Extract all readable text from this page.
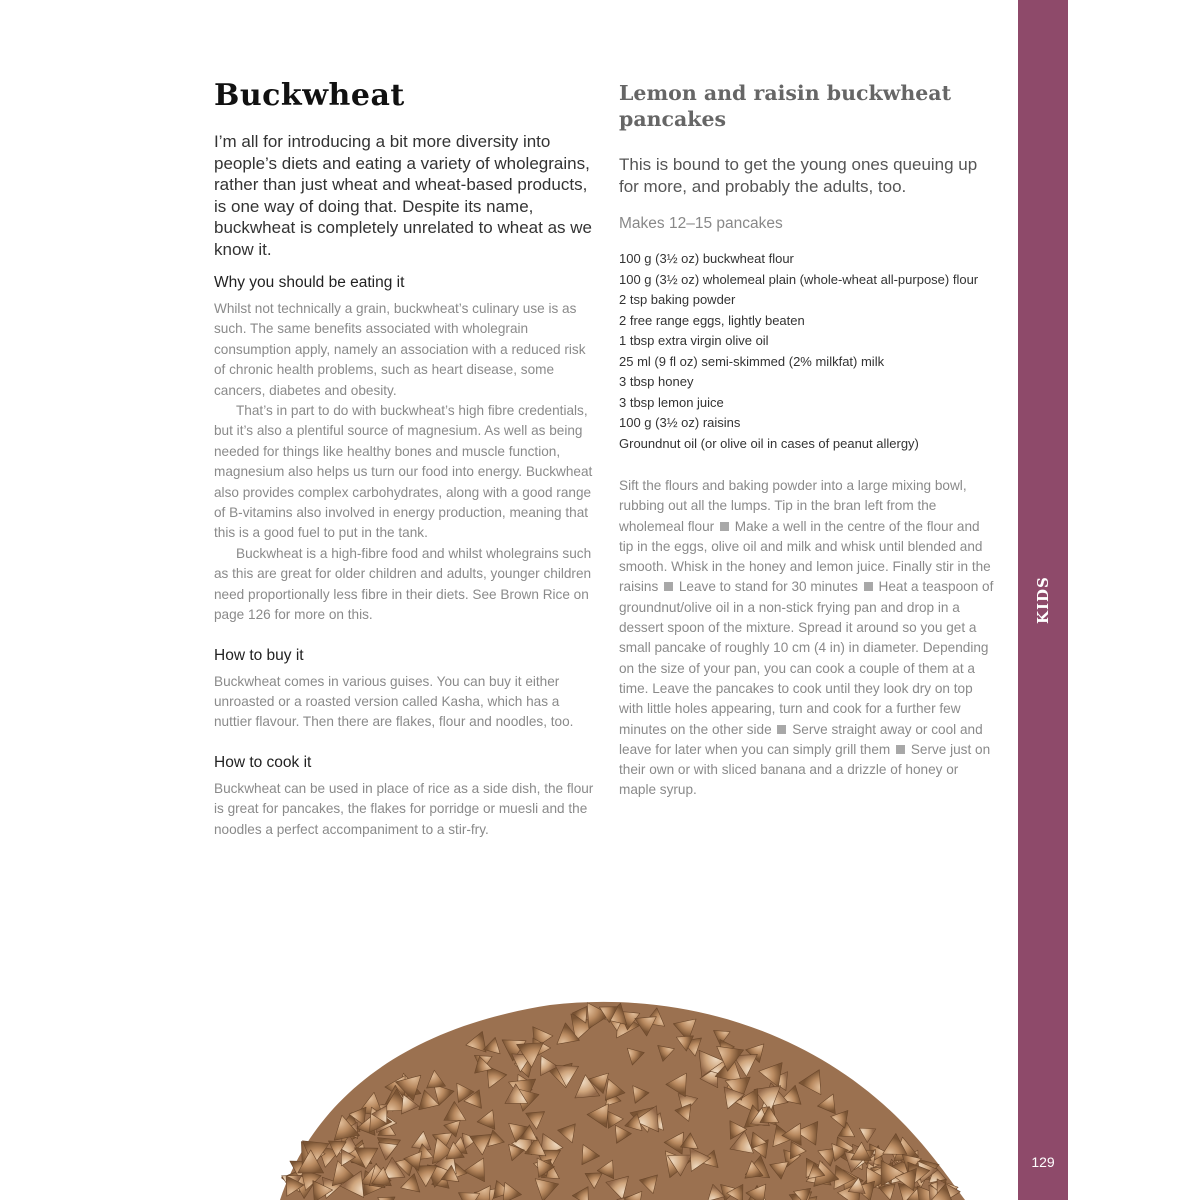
KIDS
129
Buckwheat

I’m all for introducing a bit more diversity into people’s diets and eating a variety of wholegrains, rather than just wheat and wheat-based products, is one way of doing that. Despite its name, buckwheat is completely unrelated to wheat as we know it.

Why you should be eating it

Whilst not technically a grain, buckwheat’s culinary use is as such. The same benefits associated with wholegrain consumption apply, namely an association with a reduced risk of chronic health problems, such as heart disease, some cancers, diabetes and obesity.

That’s in part to do with buckwheat’s high fibre credentials, but it’s also a plentiful source of magnesium. As well as being needed for things like healthy bones and muscle function, magnesium also helps us turn our food into energy. Buckwheat also provides complex carbohydrates, along with a good range of B-vitamins also involved in energy production, meaning that this is a good fuel to put in the tank.

Buckwheat is a high-fibre food and whilst wholegrains such as this are great for older children and adults, younger children need proportionally less fibre in their diets. See Brown Rice on page 126 for more on this.

How to buy it

Buckwheat comes in various guises. You can buy it either unroasted or a roasted version called Kasha, which has a nuttier flavour. Then there are flakes, flour and noodles, too.

How to cook it

Buckwheat can be used in place of rice as a side dish, the flour is great for pancakes, the flakes for porridge or muesli and the noodles a perfect accompaniment to a stir-fry.

Lemon and raisin buckwheat pancakes

This is bound to get the young ones queuing up for more, and probably the adults, too.

Makes 12–15 pancakes

100 g (3½ oz) buckwheat flour
100 g (3½ oz) wholemeal plain (whole-wheat all-purpose) flour
2 tsp baking powder
2 free range eggs, lightly beaten
1 tbsp extra virgin olive oil
25 ml (9 fl oz) semi-skimmed (2% milkfat) milk
3 tbsp honey
3 tbsp lemon juice
100 g (3½ oz) raisins
Groundnut oil (or olive oil in cases of peanut allergy)

Sift the flours and baking powder into a large mixing bowl, rubbing out all the lumps. Tip in the bran left from the wholemeal flour Make a well in the centre of the flour and tip in the eggs, olive oil and milk and whisk until blended and smooth. Whisk in the honey and lemon juice. Finally stir in the raisins Leave to stand for 30 minutes Heat a teaspoon of groundnut/olive oil in a non-stick frying pan and drop in a dessert spoon of the mixture. Spread it around so you get a small pancake of roughly 10 cm (4 in) in diameter. Depending on the size of your pan, you can cook a couple of them at a time. Leave the pancakes to cook until they look dry on top with little holes appearing, turn and cook for a further few minutes on the other side Serve straight away or cool and leave for later when you can simply grill them Serve just on their own or with sliced banana and a drizzle of honey or maple syrup.
